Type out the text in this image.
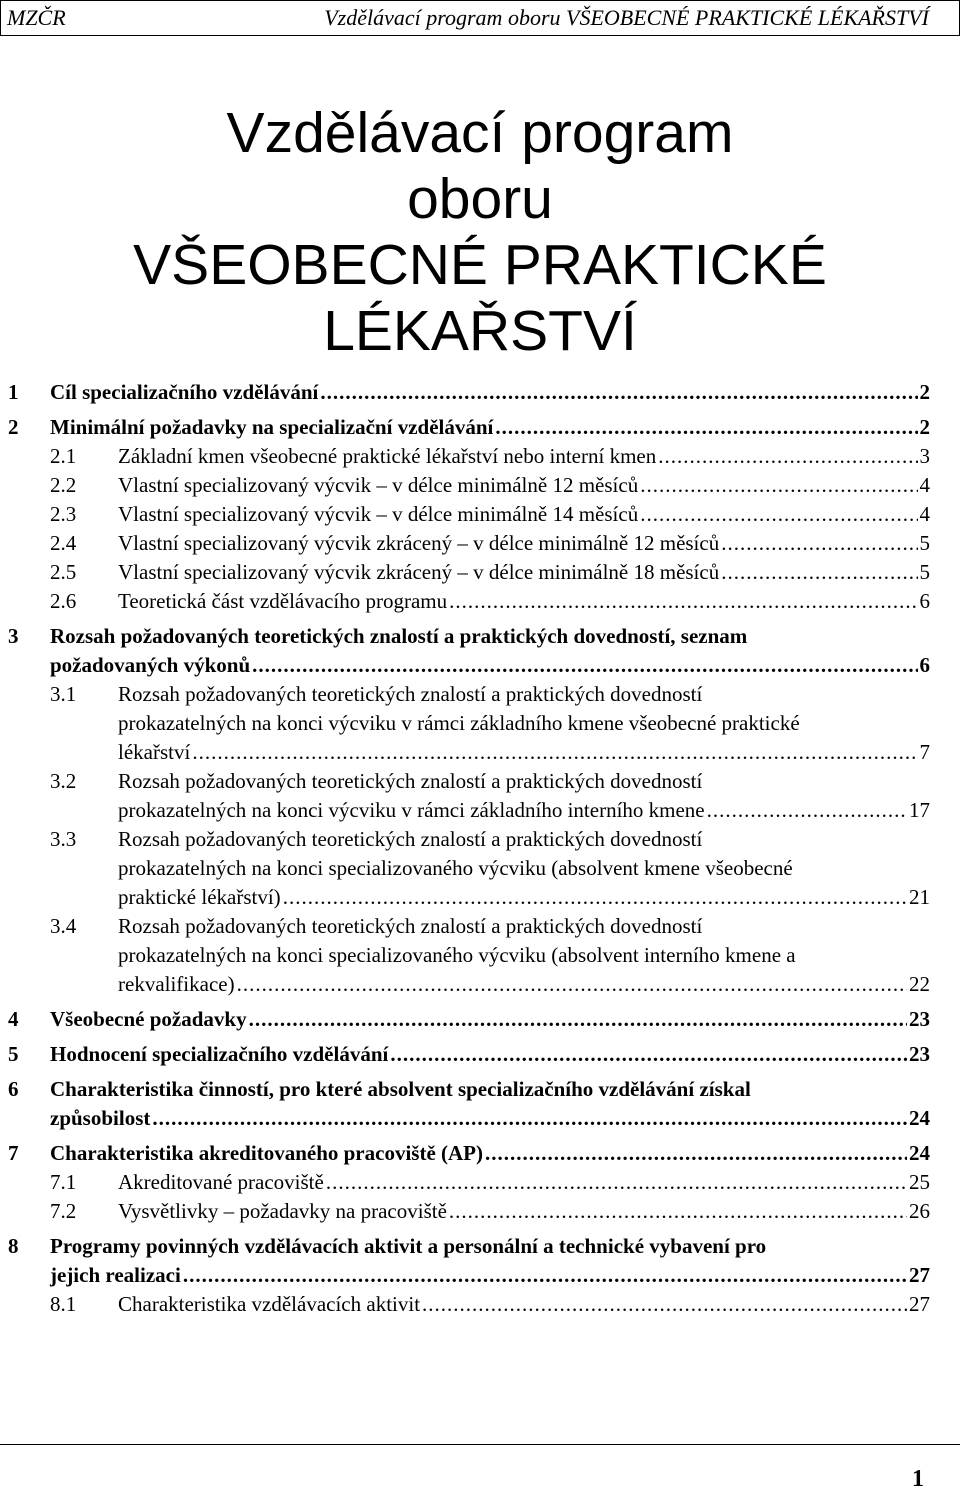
MZČR	Vzdělávací program oboru VŠEOBECNÉ PRAKTICKÉ LÉKAŘSTVÍ
Vzdělávací program
oboru
VŠEOBECNÉ PRAKTICKÉ
LÉKAŘSTVÍ
1 Cíl specializačního vzdělávání .....	2
2 Minimální požadavky na specializační vzdělávání .....	2
2.1 Základní kmen všeobecné praktické lékařství nebo interní kmen .....	3
2.2 Vlastní specializovaný výcvik – v délce minimálně 12 měsíců .....	4
2.3 Vlastní specializovaný výcvik – v délce minimálně 14 měsíců .....	4
2.4 Vlastní specializovaný výcvik zkrácený – v délce minimálně 12 měsíců .....	5
2.5 Vlastní specializovaný výcvik zkrácený – v délce minimálně 18 měsíců .....	5
2.6 Teoretická část vzdělávacího programu .....	6
3 Rozsah požadovaných teoretických znalostí a praktických dovedností, seznam
požadovaných výkonů .....	6
3.1 Rozsah požadovaných teoretických znalostí a praktických dovedností
prokazatelných na konci výcviku v rámci základního kmene všeobecné praktické
lékařství .....	7
3.2 Rozsah požadovaných teoretických znalostí a praktických dovedností
prokazatelných na konci výcviku v rámci základního interního kmene .....	17
3.3 Rozsah požadovaných teoretických znalostí a praktických dovedností
prokazatelných na konci specializovaného výcviku (absolvent kmene všeobecné
praktické lékařství) .....	21
3.4 Rozsah požadovaných teoretických znalostí a praktických dovedností
prokazatelných na konci specializovaného výcviku (absolvent interního kmene a
rekvalifikace) .....	22
4 Všeobecné požadavky .....	23
5 Hodnocení specializačního vzdělávání .....	23
6 Charakteristika činností, pro které absolvent specializačního vzdělávání získal
způsobilost .....	24
7 Charakteristika akreditovaného pracoviště (AP) .....	24
7.1 Akreditované pracoviště .....	25
7.2 Vysvětlivky – požadavky na pracoviště .....	26
8 Programy povinných vzdělávacích aktivit a personální a technické vybavení pro
jejich realizaci .....	27
8.1 Charakteristika vzdělávacích aktivit .....	27
1
